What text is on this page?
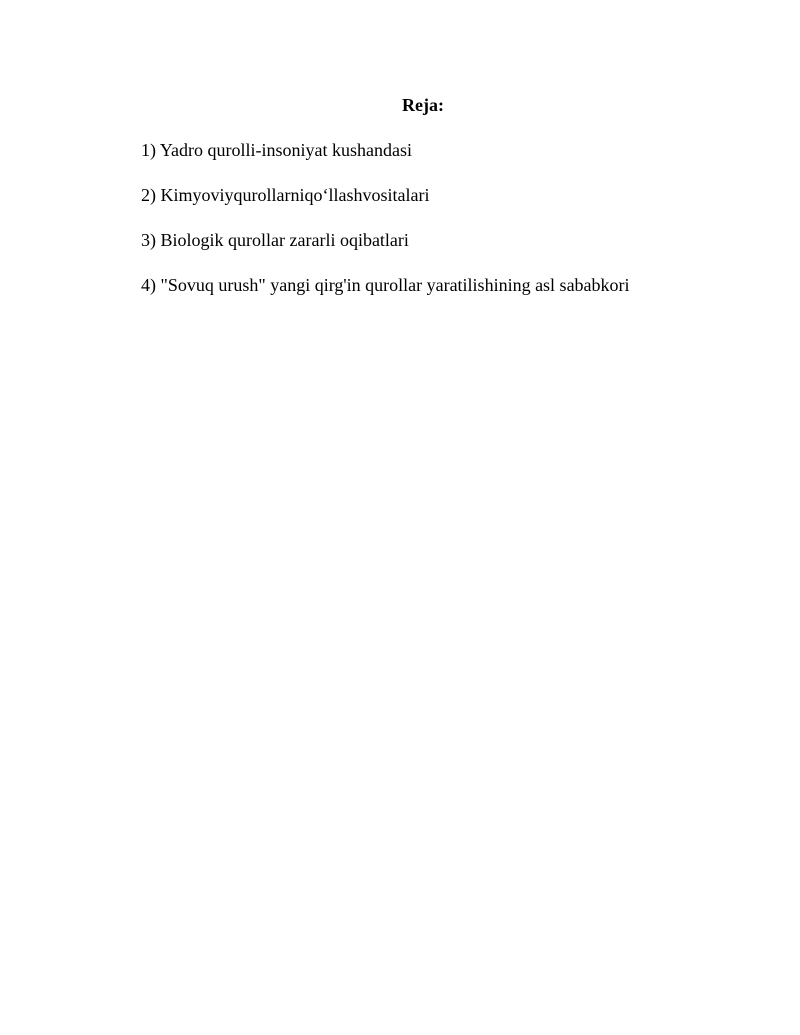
Reja:
1) Yadro qurolli-insoniyat kushandasi
2) Kimyoviyqurollarniqo‘llashvositalari
3) Biologik qurollar zararli oqibatlari
4) "Sovuq urush" yangi qirg'in qurollar yaratilishining asl sababkori
